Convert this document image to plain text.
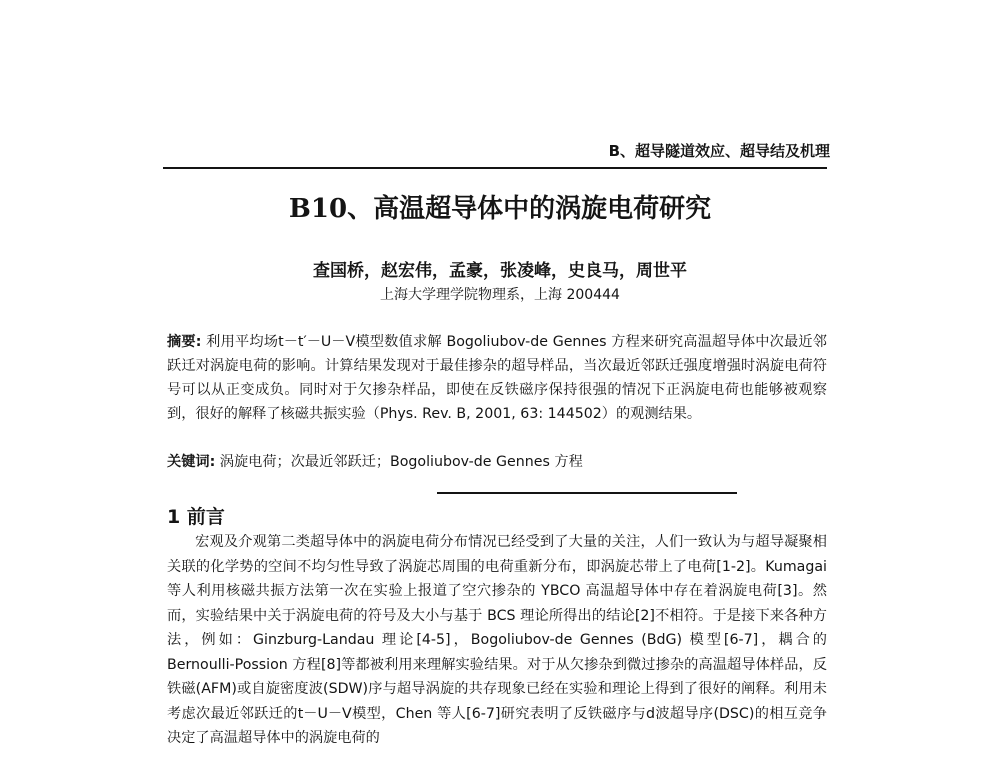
B、超导隧道效应、超导结及机理
B10、高温超导体中的涡旋电荷研究
查国桥，赵宏伟，孟豪，张凌峰，史良马，周世平
上海大学理学院物理系，上海 200444
摘要: 利用平均场t－t′－U－V模型数值求解 Bogoliubov-de Gennes 方程来研究高温超导体中次最近邻跃迁对涡旋电荷的影响。计算结果发现对于最佳掺杂的超导样品，当次最近邻跃迁强度增强时涡旋电荷符号可以从正变成负。同时对于欠掺杂样品，即使在反铁磁序保持很强的情况下正涡旋电荷也能够被观察到，很好的解释了核磁共振实验（Phys. Rev. B, 2001, 63: 144502）的观测结果。
关键词: 涡旋电荷；次最近邻跃迁；Bogoliubov-de Gennes 方程
1 前言
宏观及介观第二类超导体中的涡旋电荷分布情况已经受到了大量的关注，人们一致认为与超导凝聚相关联的化学势的空间不均匀性导致了涡旋芯周围的电荷重新分布，即涡旋芯带上了电荷[1-2]。Kumagai 等人利用核磁共振方法第一次在实验上报道了空穴掺杂的 YBCO 高温超导体中存在着涡旋电荷[3]。然而，实验结果中关于涡旋电荷的符号及大小与基于 BCS 理论所得出的结论[2]不相符。于是接下来各种方法，例如：Ginzburg-Landau 理论[4-5]，Bogoliubov-de Gennes (BdG) 模型[6-7]，耦合的 Bernoulli-Possion 方程[8]等都被利用来理解实验结果。对于从欠掺杂到微过掺杂的高温超导体样品，反铁磁(AFM)或自旋密度波(SDW)序与超导涡旋的共存现象已经在实验和理论上得到了很好的阐释。利用未考虑次最近邻跃迁的t－U－V模型，Chen 等人[6-7]研究表明了反铁磁序与d波超导序(DSC)的相互竞争决定了高温超导体中的涡旋电荷的
